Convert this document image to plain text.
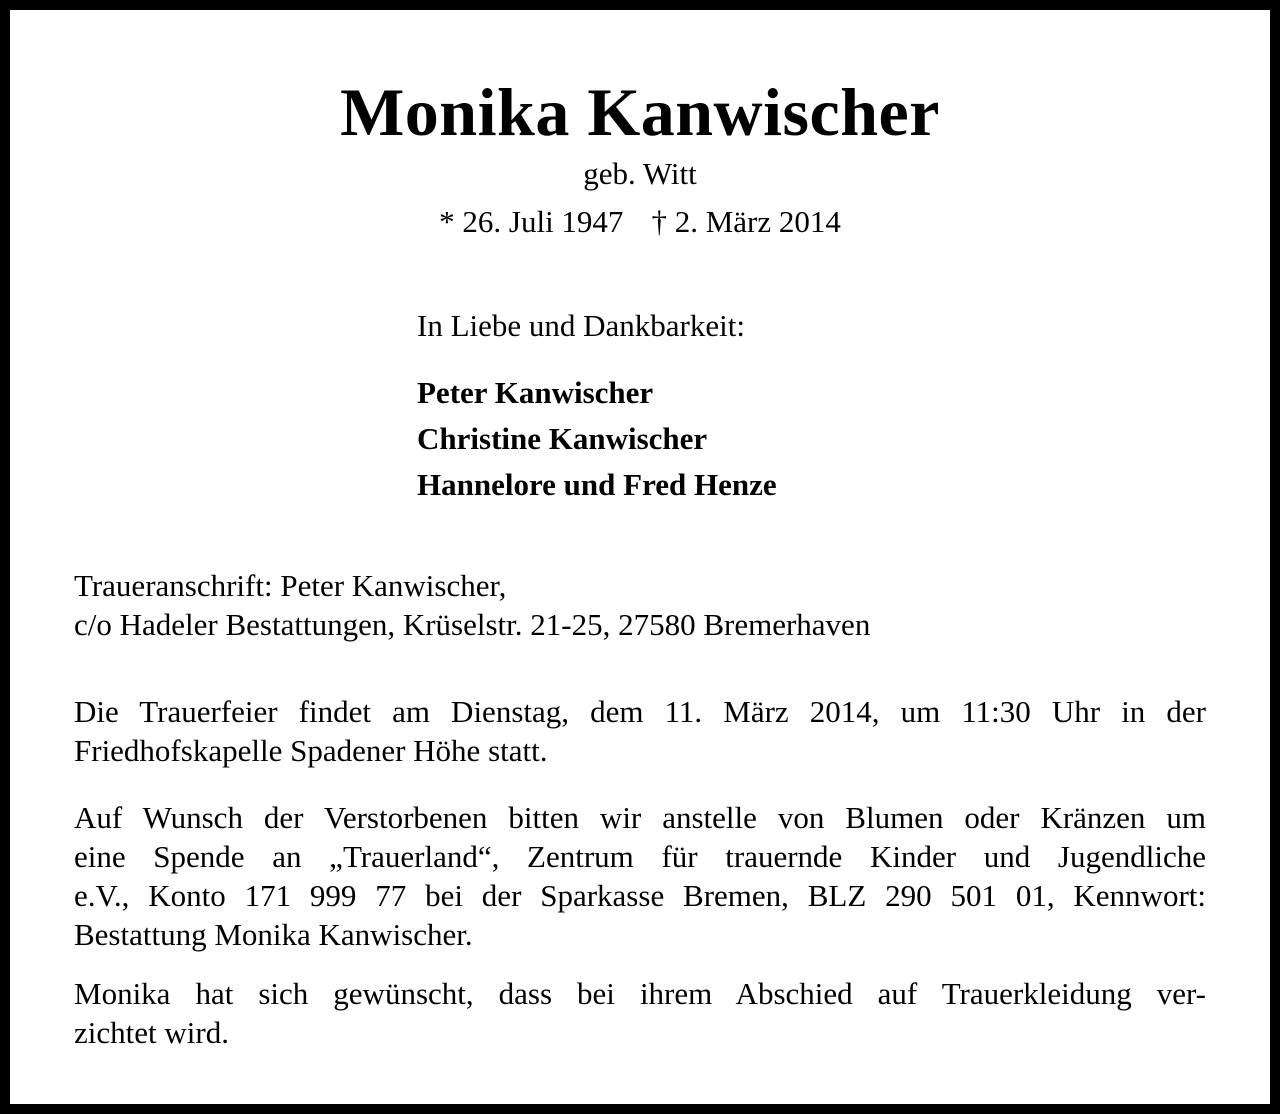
Monika Kanwischer
geb. Witt
* 26. Juli 1947 † 2. März 2014
In Liebe und Dankbarkeit:
Peter Kanwischer
Christine Kanwischer
Hannelore und Fred Henze
Traueranschrift: Peter Kanwischer,
c/o Hadeler Bestattungen, Krüselstr. 21-25, 27580 Bremerhaven
Die Trauerfeier findet am Dienstag, dem 11. März 2014, um 11:30 Uhr in der
Friedhofskapelle Spadener Höhe statt.
Auf Wunsch der Verstorbenen bitten wir anstelle von Blumen oder Kränzen um
eine Spende an „Trauerland“, Zentrum für trauernde Kinder und Jugendliche
e.V., Konto 171 999 77 bei der Sparkasse Bremen, BLZ 290 501 01, Kennwort:
Bestattung Monika Kanwischer.
Monika hat sich gewünscht, dass bei ihrem Abschied auf Trauerkleidung ver-
zichtet wird.
